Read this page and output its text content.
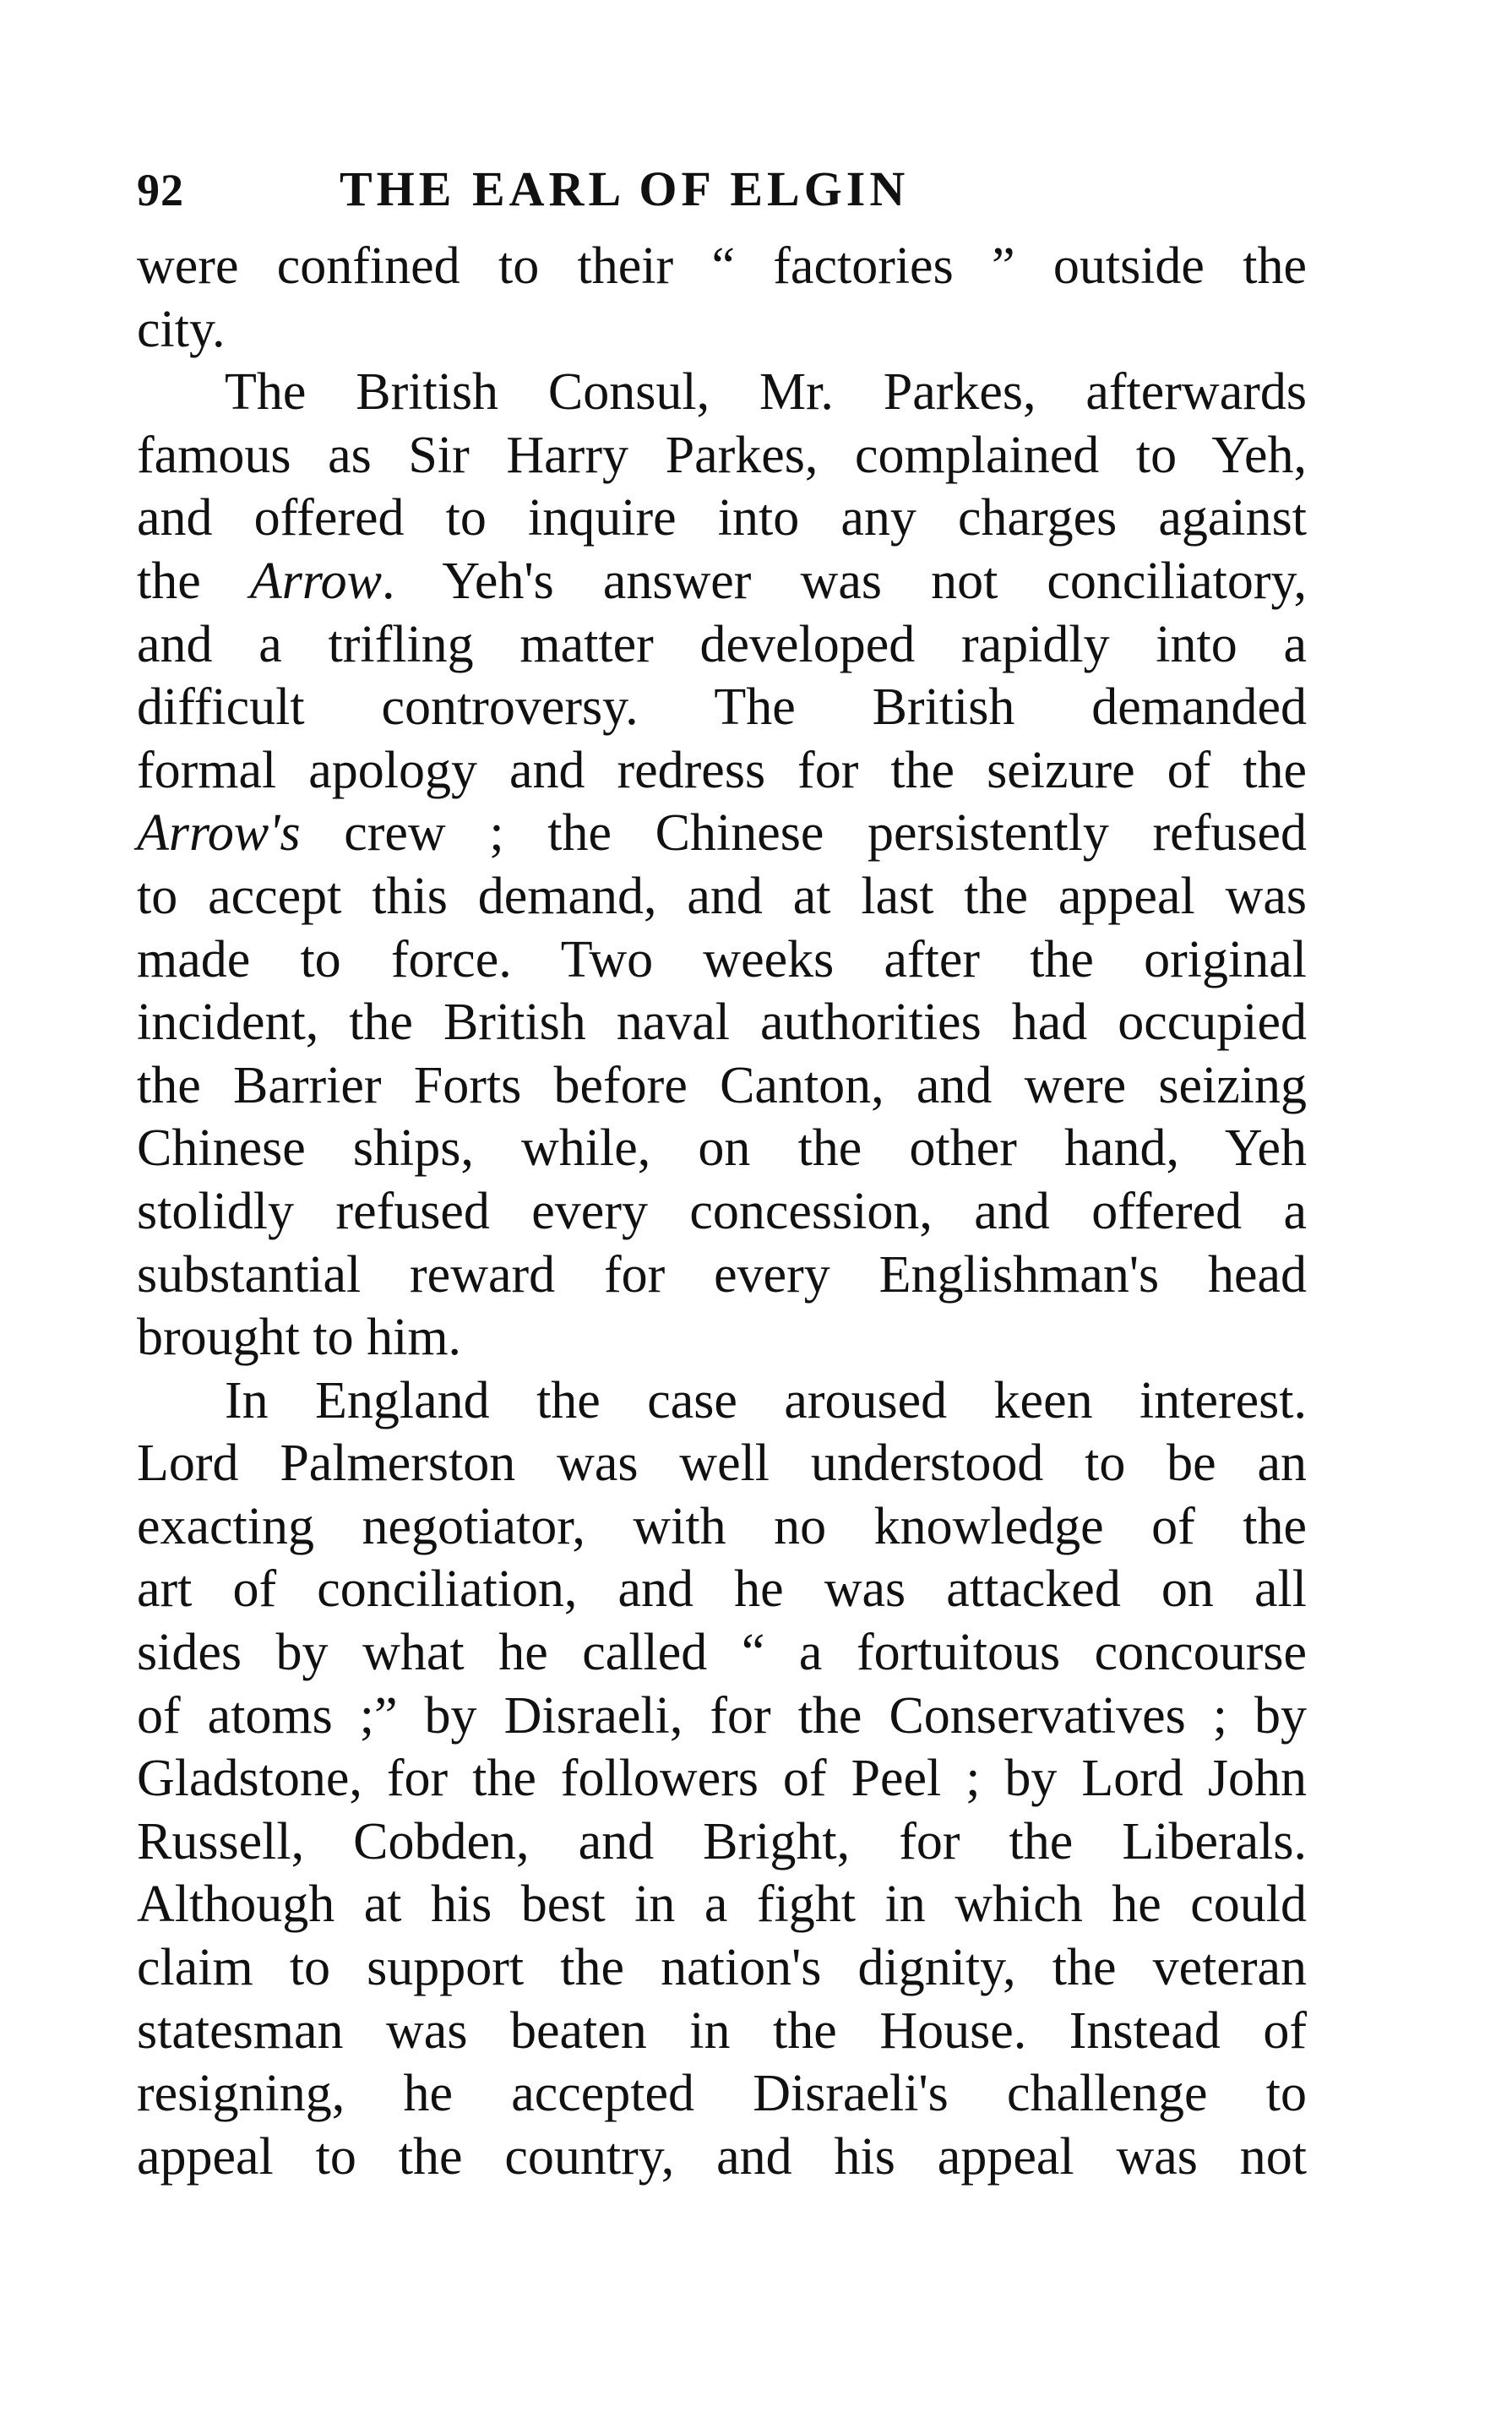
92	THE EARL OF ELGIN
were confined to their “ factories ” outside the
city.
The British Consul, Mr. Parkes, afterwards
famous as Sir Harry Parkes, complained to Yeh,
and offered to inquire into any charges against
the Arrow. Yeh's answer was not conciliatory,
and a trifling matter developed rapidly into a
difficult controversy. The British demanded
formal apology and redress for the seizure of the
Arrow's crew ; the Chinese persistently refused
to accept this demand, and at last the appeal was
made to force. Two weeks after the original
incident, the British naval authorities had occupied
the Barrier Forts before Canton, and were seizing
Chinese ships, while, on the other hand, Yeh
stolidly refused every concession, and offered a
substantial reward for every Englishman's head
brought to him.
In England the case aroused keen interest.
Lord Palmerston was well understood to be an
exacting negotiator, with no knowledge of the
art of conciliation, and he was attacked on all
sides by what he called “ a fortuitous concourse
of atoms ;” by Disraeli, for the Conservatives ; by
Gladstone, for the followers of Peel ; by Lord John
Russell, Cobden, and Bright, for the Liberals.
Although at his best in a fight in which he could
claim to support the nation's dignity, the veteran
statesman was beaten in the House. Instead of
resigning, he accepted Disraeli's challenge to
appeal to the country, and his appeal was not
